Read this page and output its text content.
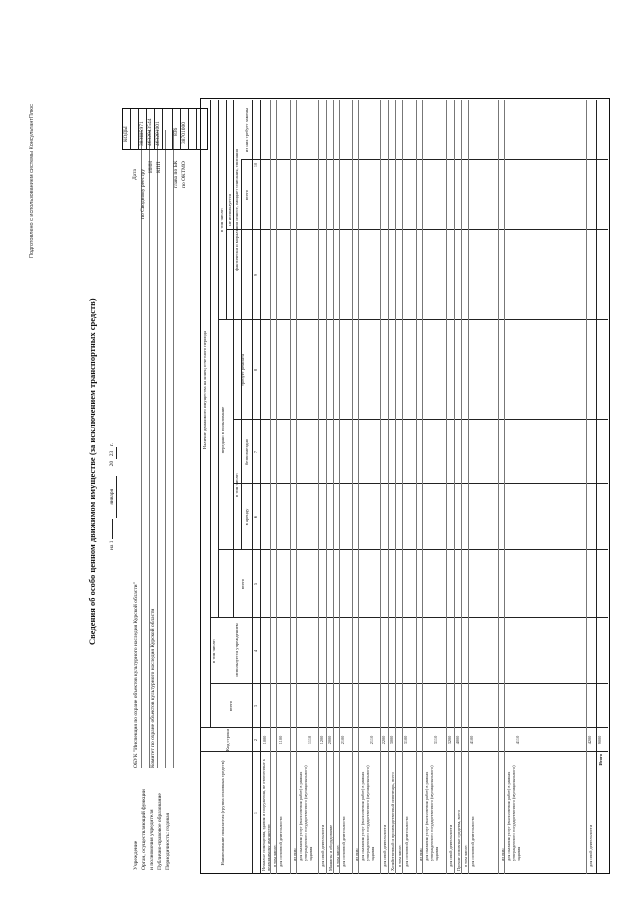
Подготовлено с использованием системы КонсультантПлюс
Сведения об особо ценном движимом имуществе (за исключением транспортных средств) на 1  января 20 23 г.
Учреждение Орган, осуществляющий функции и полномочия учредителя Публично-правовое образование Периодичность: годовая
ОБУК "Инспекция по охране объектов культурного наследия Курской области" Комитет по охране объектов культурного наследия Курской области
Дата по Сводному реестру
ИНН КПП глава по БК по ОКТМО
КОДЫ 383Ш5971 4632043544 463201001 836 38701000
Наименование показателя (группа основных средств)
Код строки
Наличие движимого имущества на конец отчетного периода
всего
в том числе:	используется учреждением
передано в пользование
всего
в том числе:
в аренду
безвозмездно
в том числе:
требует ремонта
не используется фактически и моральном износе, ожидает списания, списания всего
из них требует замены
1
2
3
4
5
6
7
8
9
10
Нежилые помещения, здания и сооружения, не отнесенные к недвижимому имуществу
1000
в том числе: для основной деятельности
1100
из них: для оказания услуг (выполнения работ) в рамках утвержденного государственного (муниципального) задания
1110
для иной деятельности
1200
Машины и оборудование
2000
в том числе: для основной деятельности
2100
из них: для оказания услуг (выполнения работ) в рамках утвержденного государственного (муниципального) задания
2110
для иной деятельности
2200
Хозяйственный и производственный инвентарь, всего
3000
в том числе: для основной деятельности
3100
из них: для оказания услуг (выполнения работ) в рамках утвержденного государственного (муниципального) задания
3110
для иной деятельности
3200
Прочие основные средства, всего
4000
в том числе: для основной деятельности
4100
из них: для оказания услуг (выполнения работ) в рамках утвержденного государственного (муниципального) задания
4110
для иной деятельности
4200
Итого
9000
